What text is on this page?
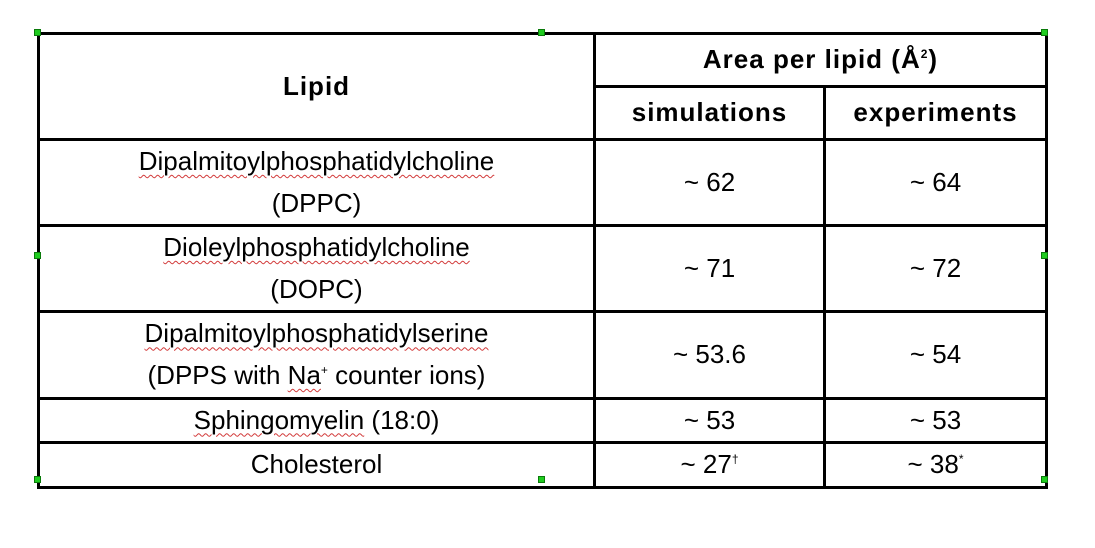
Lipid	Area per lipid $(Å^2)$	
	simulations	experiments

Dipalmitoylphosphatidylcholine
(DPPC)	~ 62	~ 64

Dioleylphosphatidylcholine
(DOPC)	~ 71	~ 72

Dipalmitoylphosphatidylserine
(DPPS with Na+ counter ions)	~ 53.6	~ 54
Sphingomyelin (18:0)	~ 53	~ 53
Cholesterol	~ 27†	~ 38*
